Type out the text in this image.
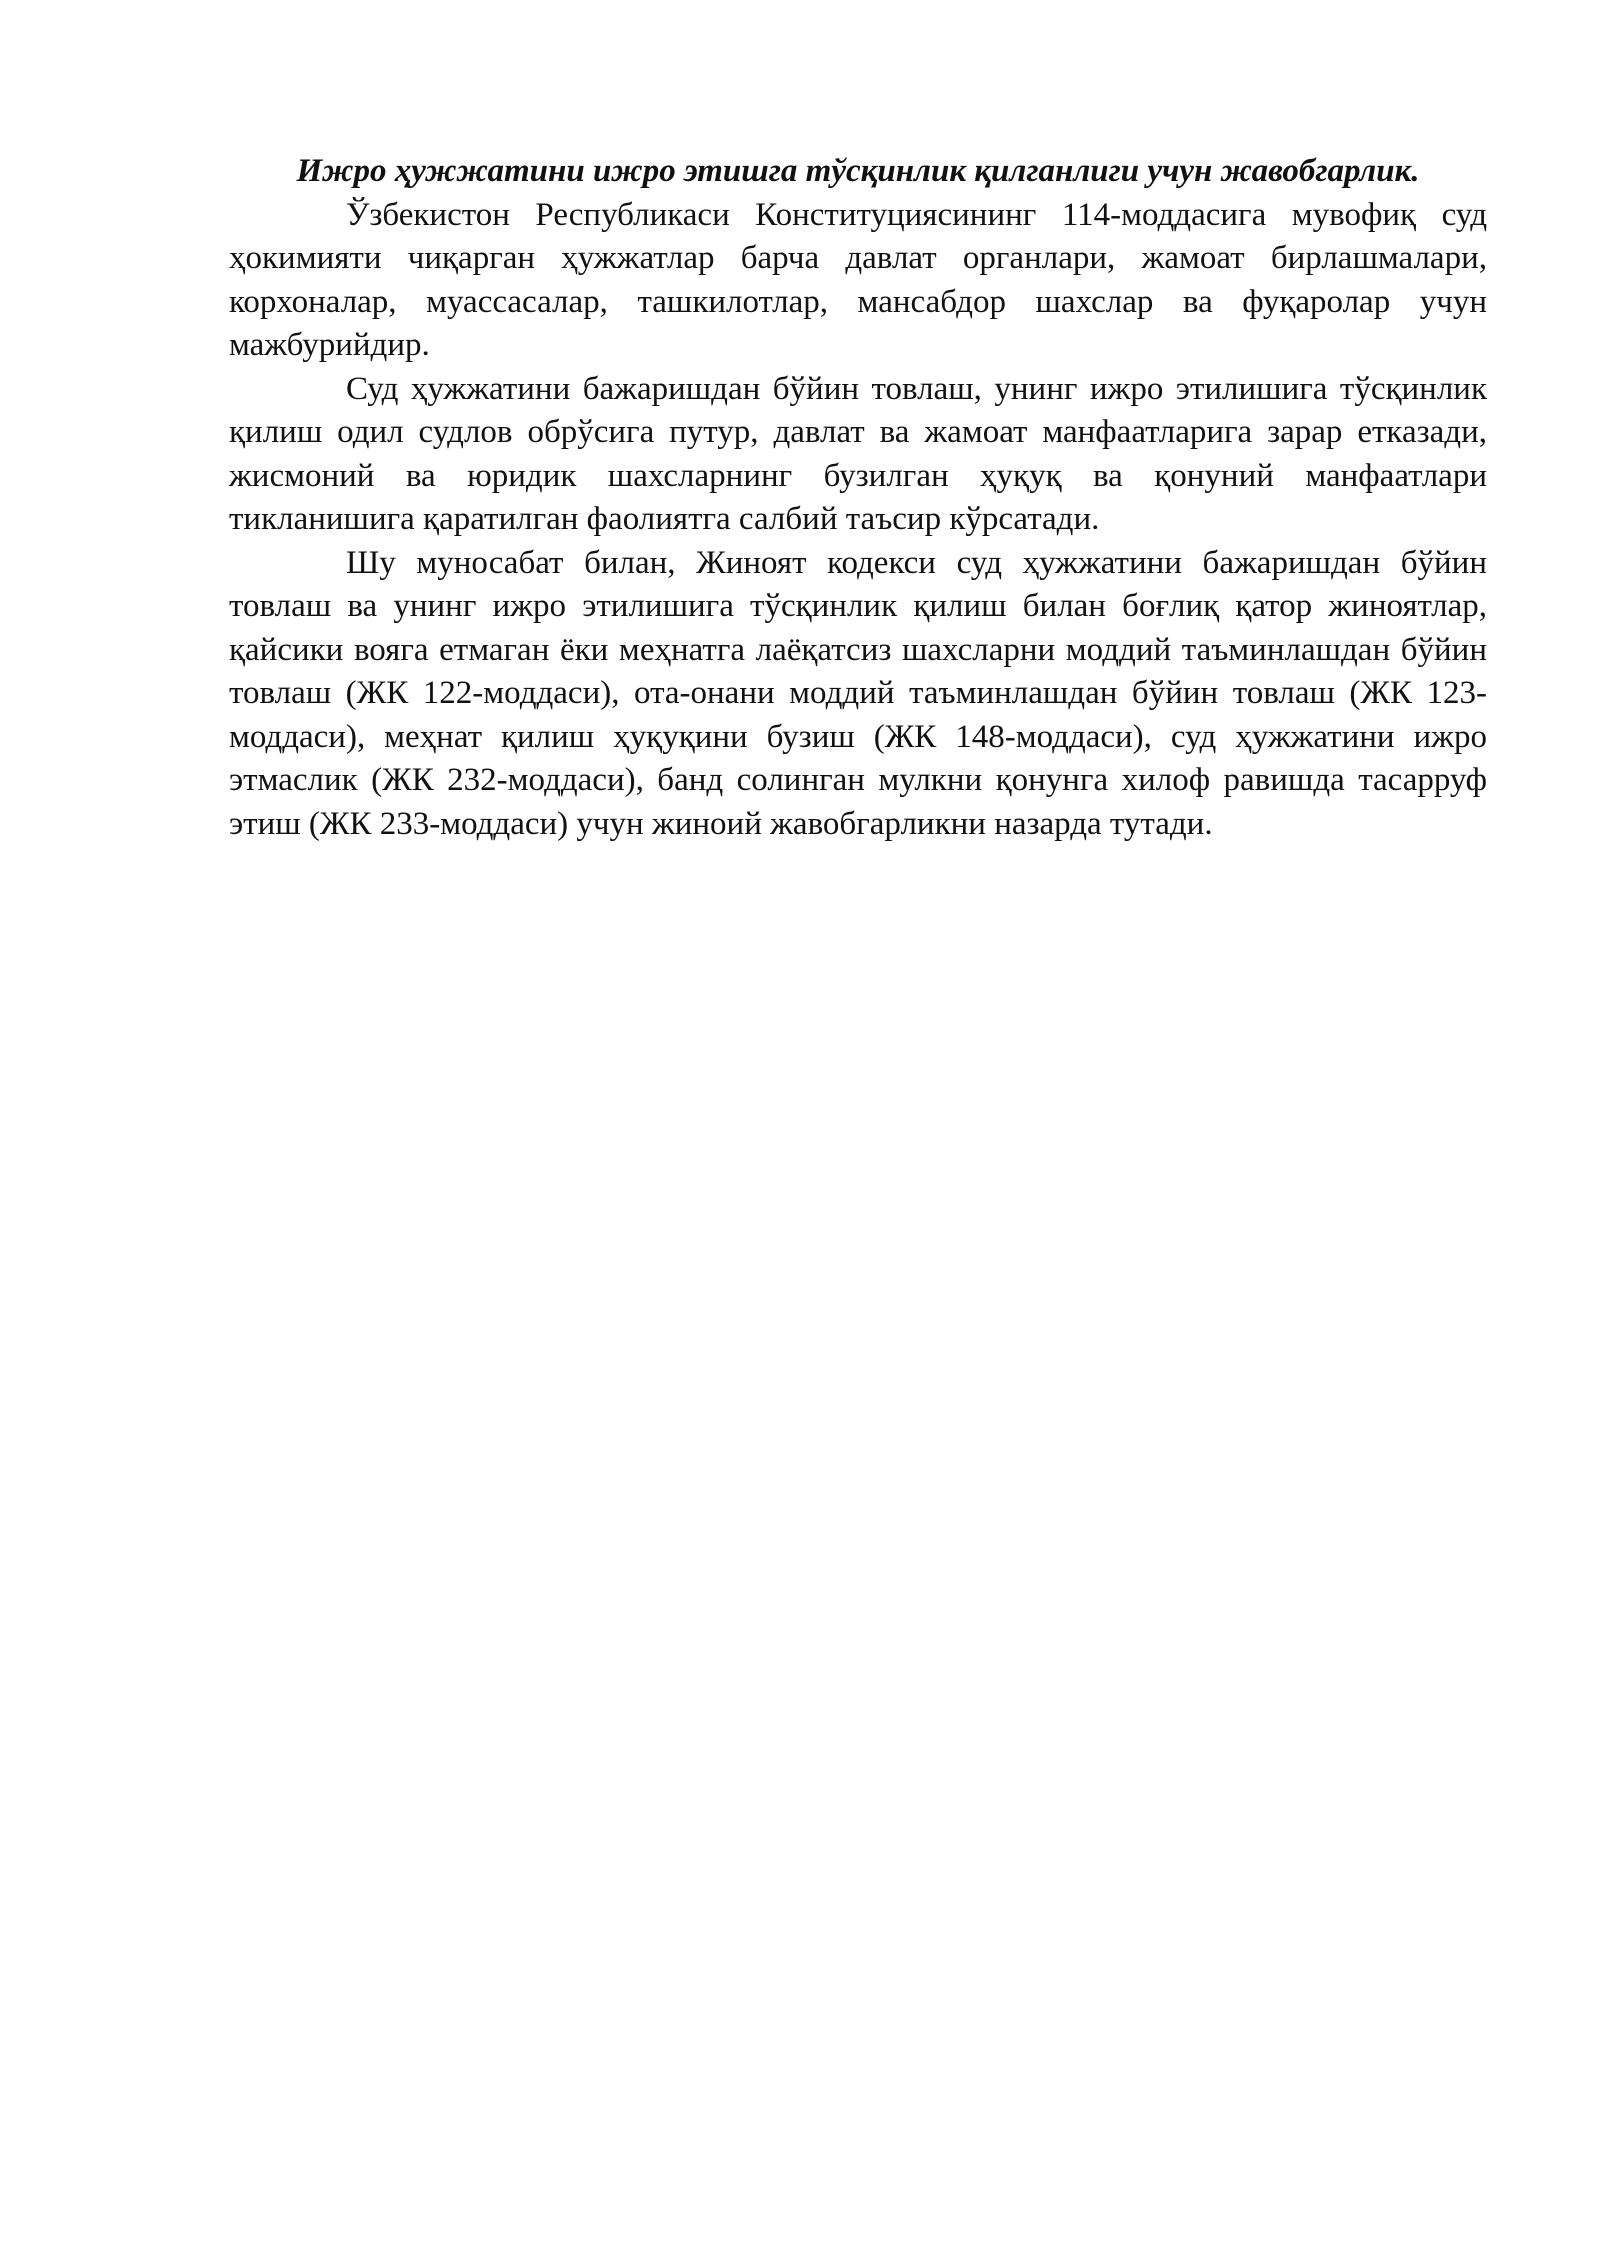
Ижро ҳужжатини ижро этишга тўсқинлик қилганлиги учун жавобгарлик.

Ўзбекистон Республикаси Конституциясининг 114-моддасига мувофиқ суд ҳокимияти чиқарган ҳужжатлар барча давлат органлари, жамоат бирлашмалари, корхоналар, муассасалар, ташкилотлар, мансабдор шахслар ва фуқаролар учун мажбурийдир.

Суд ҳужжатини бажаришдан бўйин товлаш, унинг ижро этилишига тўсқинлик қилиш одил судлов обрўсига путур, давлат ва жамоат манфаатларига зарар етказади, жисмоний ва юридик шахсларнинг бузилган ҳуқуқ ва қонуний манфаатлари тикланишига қаратилган фаолиятга салбий таъсир кўрсатади.

Шу муносабат билан, Жиноят кодекси суд ҳужжатини бажаришдан бўйин товлаш ва унинг ижро этилишига тўсқинлик қилиш билан боғлиқ қатор жиноятлар, қайсики вояга етмаган ёки меҳнатга лаёқатсиз шахсларни моддий таъминлашдан бўйин товлаш (ЖК 122-моддаси), ота-онани моддий таъминлашдан бўйин товлаш (ЖК 123-моддаси), меҳнат қилиш ҳуқуқини бузиш (ЖК 148-моддаси), суд ҳужжатини ижро этмаслик (ЖК 232-моддаси), банд солинган мулкни қонунга хилоф равишда тасарруф этиш (ЖК 233-моддаси) учун жиноий жавобгарликни назарда тутади.
